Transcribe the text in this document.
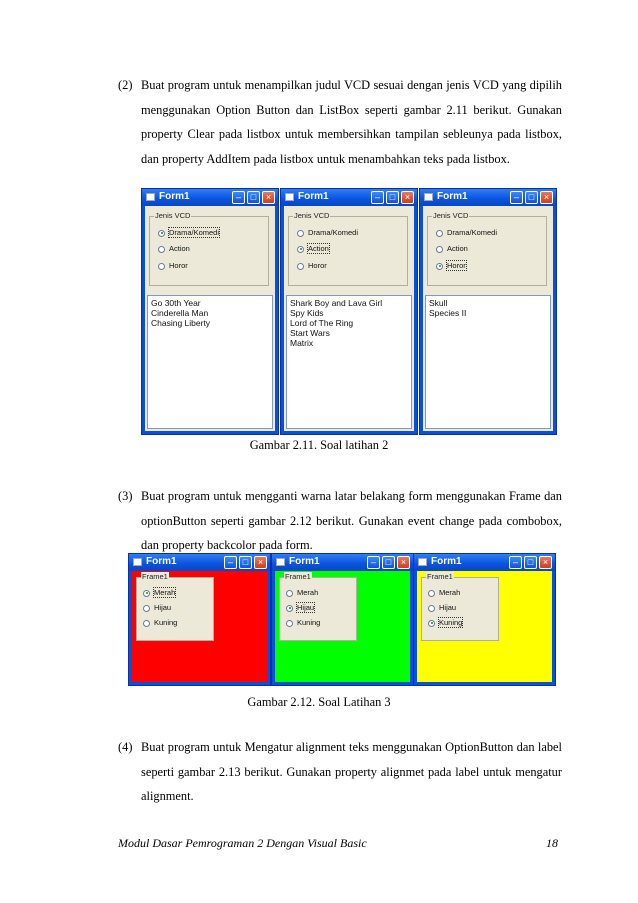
(2) Buat program untuk menampilkan judul VCD sesuai dengan jenis VCD yang dipilih menggunakan Option Button dan ListBox seperti gambar 2.11 berikut. Gunakan property Clear pada listbox untuk membersihkan tampilan sebleunya pada listbox, dan property AddItem pada listbox untuk menambahkan teks pada listbox.
Gambar 2.11. Soal latihan 2
(3) Buat program untuk mengganti warna latar belakang form menggunakan Frame dan optionButton seperti gambar 2.12 berikut. Gunakan event change pada combobox, dan property backcolor pada form.
Gambar 2.12. Soal Latihan 3
(4) Buat program untuk Mengatur alignment teks menggunakan OptionButton dan label seperti gambar 2.13 berikut. Gunakan property alignmet pada label untuk mengatur alignment.
Modul Dasar Pemrograman 2 Dengan Visual Basic	18
Form1	–	□	×
Jenis VCD
Drama/Komedi
Action
Horor
Go 30th Year
Cinderella Man
Chasing Liberty
Form1	–	□	×
Jenis VCD
Drama/Komedi
Action
Horor
Shark Boy and Lava Girl
Spy Kids
Lord of The Ring
Start Wars
Matrix
Form1	–	□	×
Jenis VCD
Drama/Komedi
Action
Horor
Skull
Species II
Form1	–	□	×
Frame1
Merah
Hijau
Kuning
Form1	–	□	×
Frame1
Merah
Hijau
Kuning
Form1	–	□	×
Frame1
Merah
Hijau
Kuning
